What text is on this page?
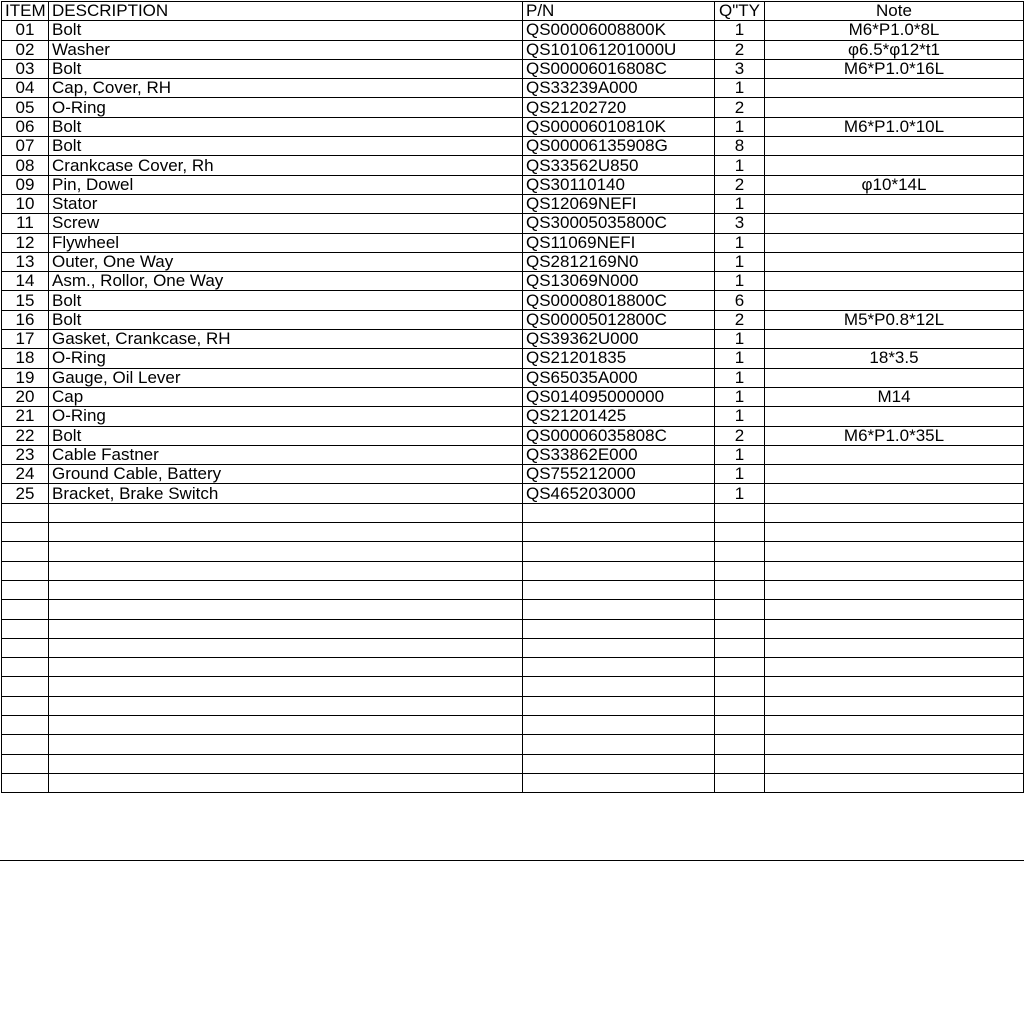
ITEM	DESCRIPTION	P/N	Q"TY	Note
01	Bolt	QS00006008800K	1	M6*P1.0*8L
02	Washer	QS101061201000U	2	φ6.5*φ12*t1
03	Bolt	QS00006016808C	3	M6*P1.0*16L
04	Cap, Cover, RH	QS33239A000	1	
05	O-Ring	QS21202720	2	
06	Bolt	QS00006010810K	1	M6*P1.0*10L
07	Bolt	QS00006135908G	8	
08	Crankcase Cover, Rh	QS33562U850	1	
09	Pin, Dowel	QS30110140	2	φ10*14L
10	Stator	QS12069NEFI	1	
11	Screw	QS30005035800C	3	
12	Flywheel	QS11069NEFI	1	
13	Outer, One Way	QS2812169N0	1	
14	Asm., Rollor, One Way	QS13069N000	1	
15	Bolt	QS00008018800C	6	
16	Bolt	QS00005012800C	2	M5*P0.8*12L
17	Gasket, Crankcase, RH	QS39362U000	1	
18	O-Ring	QS21201835	1	18*3.5
19	Gauge, Oil Lever	QS65035A000	1	
20	Cap	QS014095000000	1	M14
21	O-Ring	QS21201425	1	
22	Bolt	QS00006035808C	2	M6*P1.0*35L
23	Cable Fastner	QS33862E000	1	
24	Ground Cable, Battery	QS755212000	1	
25	Bracket, Brake Switch	QS465203000	1	
